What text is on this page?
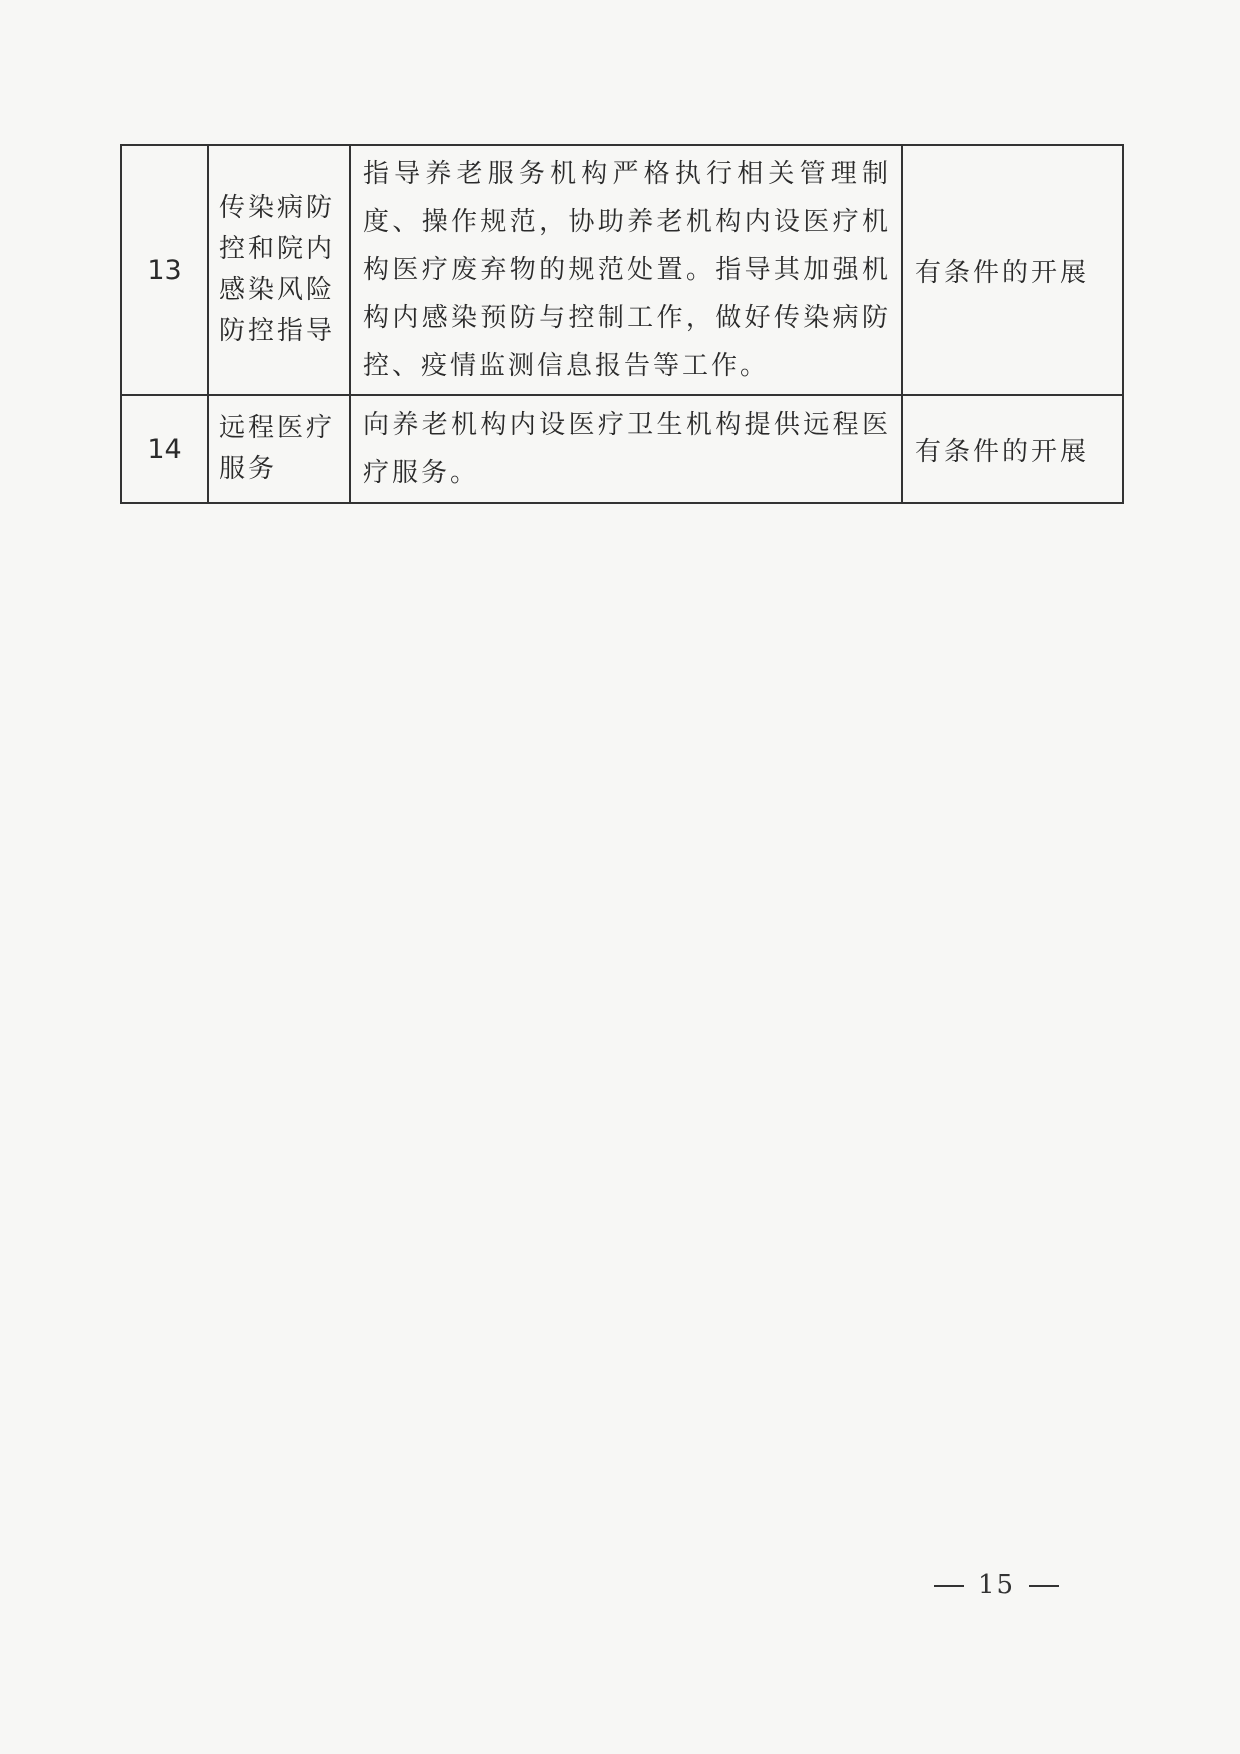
13	传染病防控和院内感染风险防控指导	指导养老服务机构严格执行相关管理制度、操作规范，协助养老机构内设医疗机构医疗废弃物的规范处置。指导其加强机构内感染预防与控制工作，做好传染病防控、疫情监测信息报告等工作。	有条件的开展

14	远程医疗服务	向养老机构内设医疗卫生机构提供远程医疗服务。	有条件的开展
15
